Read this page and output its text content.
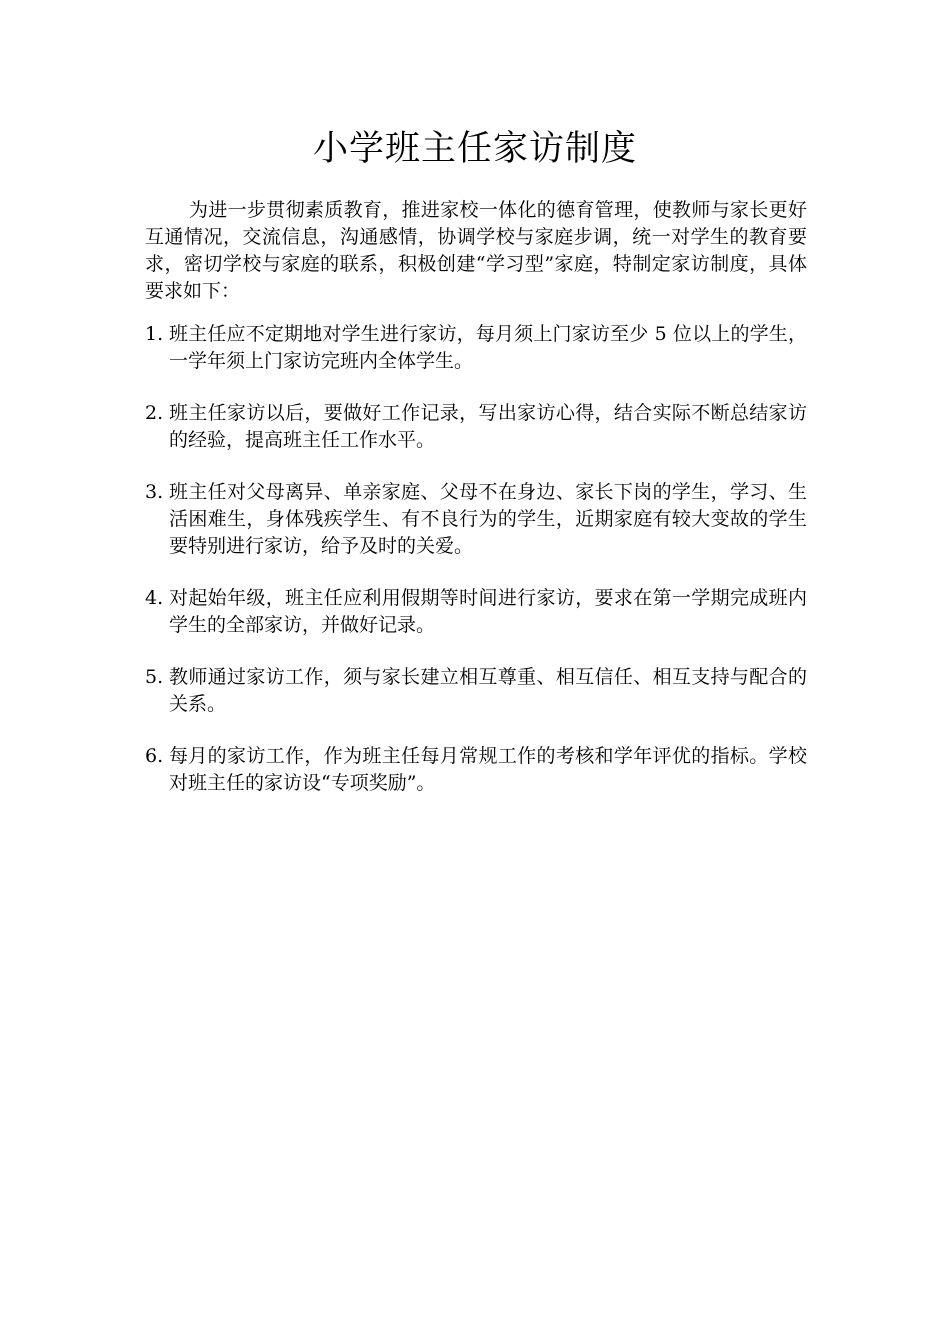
小学班主任家访制度

为进一步贯彻素质教育，推进家校一体化的德育管理，使教师与家长更好互通情况，交流信息，沟通感情，协调学校与家庭步调，统一对学生的教育要求，密切学校与家庭的联系，积极创建“学习型”家庭，特制定家访制度，具体要求如下：

1. 班主任应不定期地对学生进行家访，每月须上门家访至少 5 位以上的学生，一学年须上门家访完班内全体学生。
2. 班主任家访以后，要做好工作记录，写出家访心得，结合实际不断总结家访的经验，提高班主任工作水平。
3. 班主任对父母离异、单亲家庭、父母不在身边、家长下岗的学生，学习、生活困难生，身体残疾学生、有不良行为的学生，近期家庭有较大变故的学生要特别进行家访，给予及时的关爱。
4. 对起始年级，班主任应利用假期等时间进行家访，要求在第一学期完成班内学生的全部家访，并做好记录。
5. 教师通过家访工作，须与家长建立相互尊重、相互信任、相互支持与配合的关系。
6. 每月的家访工作，作为班主任每月常规工作的考核和学年评优的指标。学校对班主任的家访设“专项奖励”。
